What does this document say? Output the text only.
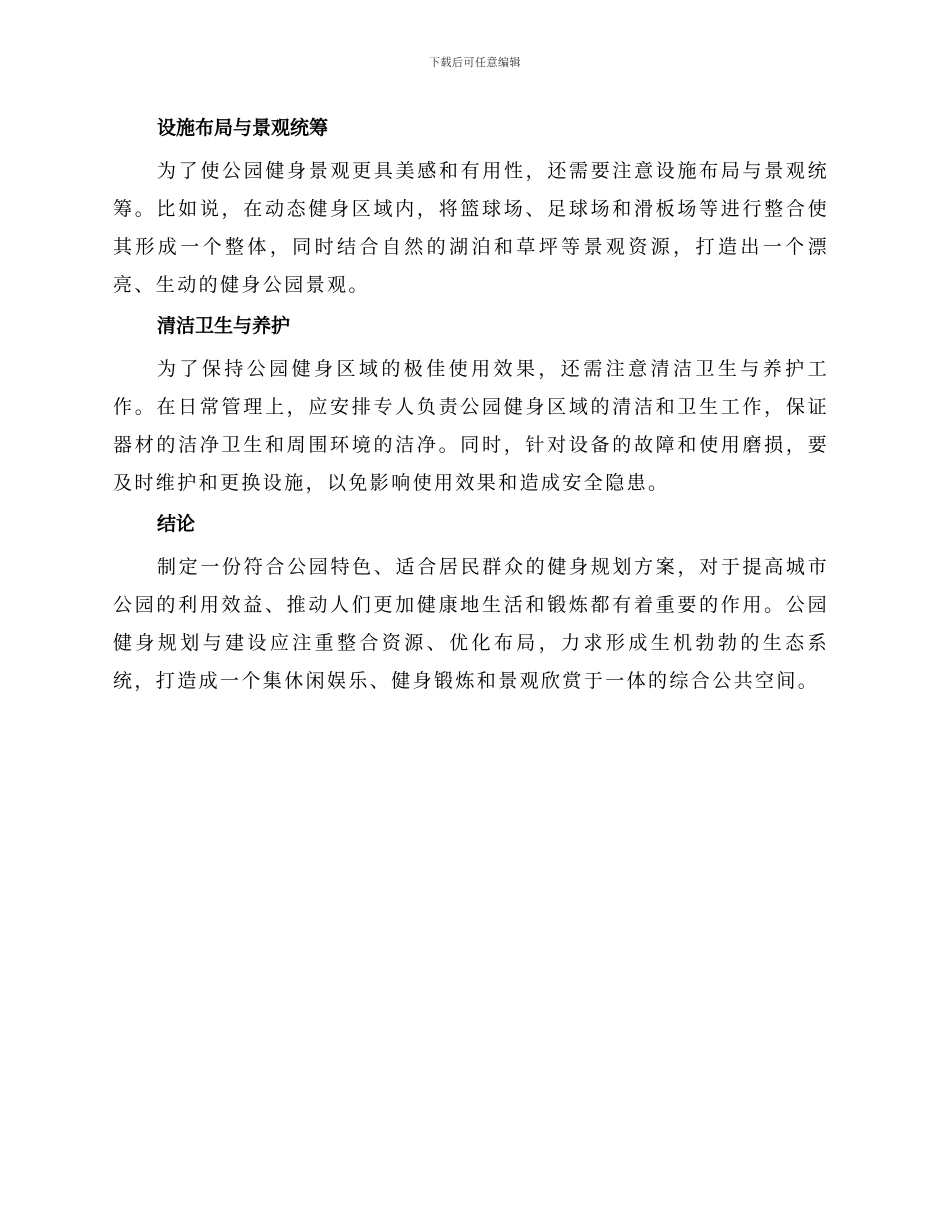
下载后可任意编辑
设施布局与景观统筹

为了使公园健身景观更具美感和有用性，还需要注意设施布局与景观统筹。比如说，在动态健身区域内，将篮球场、足球场和滑板场等进行整合使其形成一个整体，同时结合自然的湖泊和草坪等景观资源，打造出一个漂亮、生动的健身公园景观。

清洁卫生与养护

为了保持公园健身区域的极佳使用效果，还需注意清洁卫生与养护工作。在日常管理上，应安排专人负责公园健身区域的清洁和卫生工作，保证器材的洁净卫生和周围环境的洁净。同时，针对设备的故障和使用磨损，要及时维护和更换设施，以免影响使用效果和造成安全隐患。

结论

制定一份符合公园特色、适合居民群众的健身规划方案，对于提高城市公园的利用效益、推动人们更加健康地生活和锻炼都有着重要的作用。公园健身规划与建设应注重整合资源、优化布局，力求形成生机勃勃的生态系统，打造成一个集休闲娱乐、健身锻炼和景观欣赏于一体的综合公共空间。
